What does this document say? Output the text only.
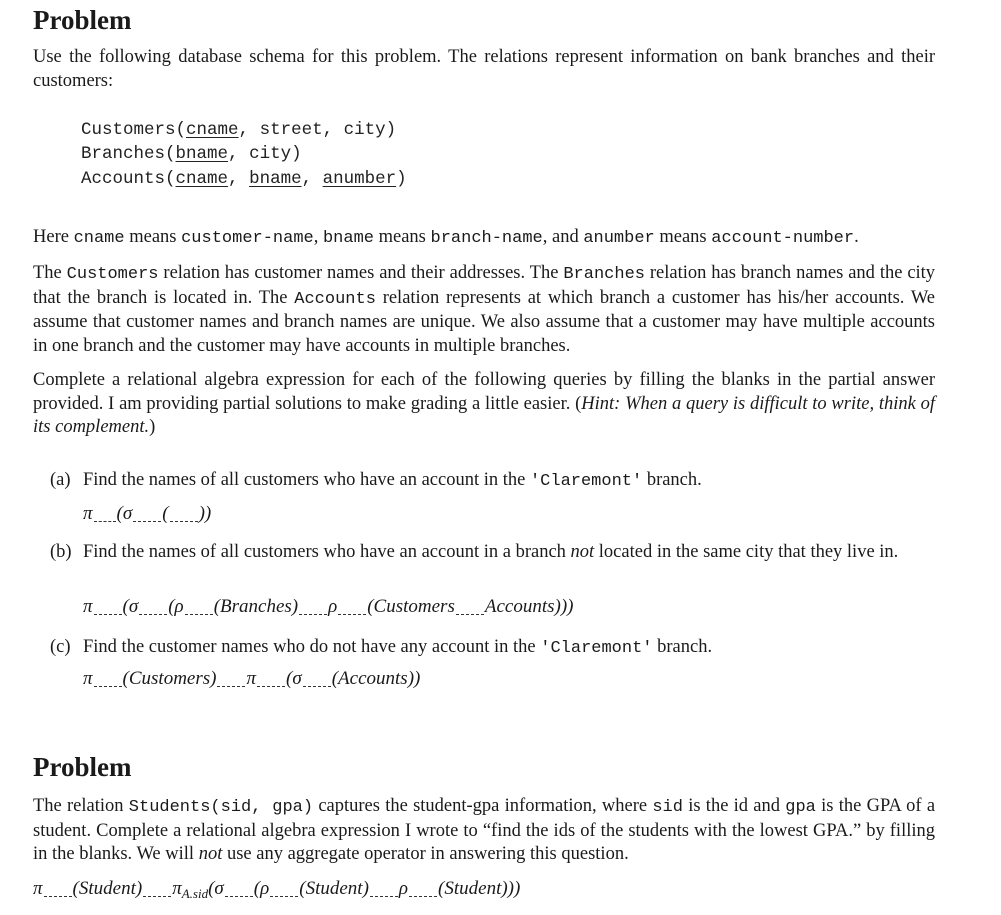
Problem

Use the following database schema for this problem. The relations represent information on bank branches and their customers:

Customers(cname, street, city)
Branches(bname, city)
Accounts(cname, bname, anumber)

Here cname means customer-name, bname means branch-name, and anumber means account-number.

The Customers relation has customer names and their addresses. The Branches relation has branch names and the city that the branch is located in. The Accounts relation represents at which branch a customer has his/her accounts. We assume that customer names and branch names are unique. We also assume that a customer may have multiple accounts in one branch and the customer may have accounts in multiple branches.

Complete a relational algebra expression for each of the following queries by filling the blanks in the partial answer provided. I am providing partial solutions to make grading a little easier. (Hint: When a query is difficult to write, think of its complement.)

(a) Find the names of all customers who have an account in the 'Claremont' branch.
π (σ ( ))
(b) Find the names of all customers who have an account in a branch not located in the same city that they live in.
π (σ (ρ (Branches) ρ (Customers Accounts)))
(c) Find the customer names who do not have any account in the 'Claremont' branch.
π (Customers) π (σ (Accounts))
Problem

The relation Students(sid, gpa) captures the student-gpa information, where sid is the id and gpa is the GPA of a student. Complete a relational algebra expression I wrote to “find the ids of the students with the lowest GPA.” by filling in the blanks. We will not use any aggregate operator in answering this question.

π (Student) $\pi_{A.sid}(\sigma$ (ρ (Student) ρ (Student)))
